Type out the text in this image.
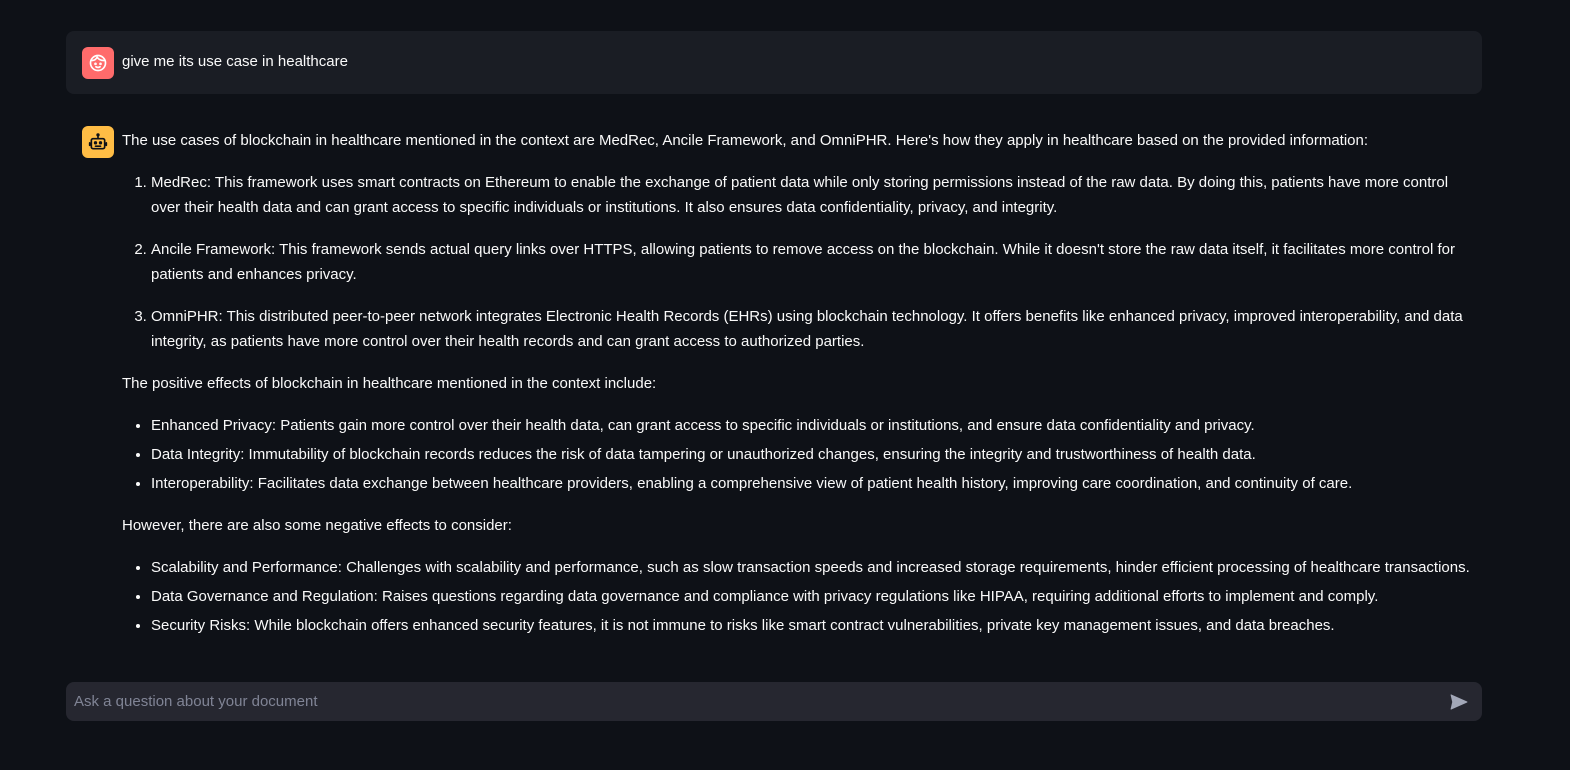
give me its use case in healthcare

The use cases of blockchain in healthcare mentioned in the context are MedRec, Ancile Framework, and OmniPHR. Here's how they apply in healthcare based on the provided information:

1. MedRec: This framework uses smart contracts on Ethereum to enable the exchange of patient data while only storing permissions instead of the raw data. By doing this, patients have more control over their health data and can grant access to specific individuals or institutions. It also ensures data confidentiality, privacy, and integrity.
2. Ancile Framework: This framework sends actual query links over HTTPS, allowing patients to remove access on the blockchain. While it doesn't store the raw data itself, it facilitates more control for patients and enhances privacy.
3. OmniPHR: This distributed peer-to-peer network integrates Electronic Health Records (EHRs) using blockchain technology. It offers benefits like enhanced privacy, improved interoperability, and data integrity, as patients have more control over their health records and can grant access to authorized parties.

The positive effects of blockchain in healthcare mentioned in the context include:

• Enhanced Privacy: Patients gain more control over their health data, can grant access to specific individuals or institutions, and ensure data confidentiality and privacy.
• Data Integrity: Immutability of blockchain records reduces the risk of data tampering or unauthorized changes, ensuring the integrity and trustworthiness of health data.
• Interoperability: Facilitates data exchange between healthcare providers, enabling a comprehensive view of patient health history, improving care coordination, and continuity of care.

However, there are also some negative effects to consider:

• Scalability and Performance: Challenges with scalability and performance, such as slow transaction speeds and increased storage requirements, hinder efficient processing of healthcare transactions.
• Data Governance and Regulation: Raises questions regarding data governance and compliance with privacy regulations like HIPAA, requiring additional efforts to implement and comply.
• Security Risks: While blockchain offers enhanced security features, it is not immune to risks like smart contract vulnerabilities, private key management issues, and data breaches.
Ask a question about your document
